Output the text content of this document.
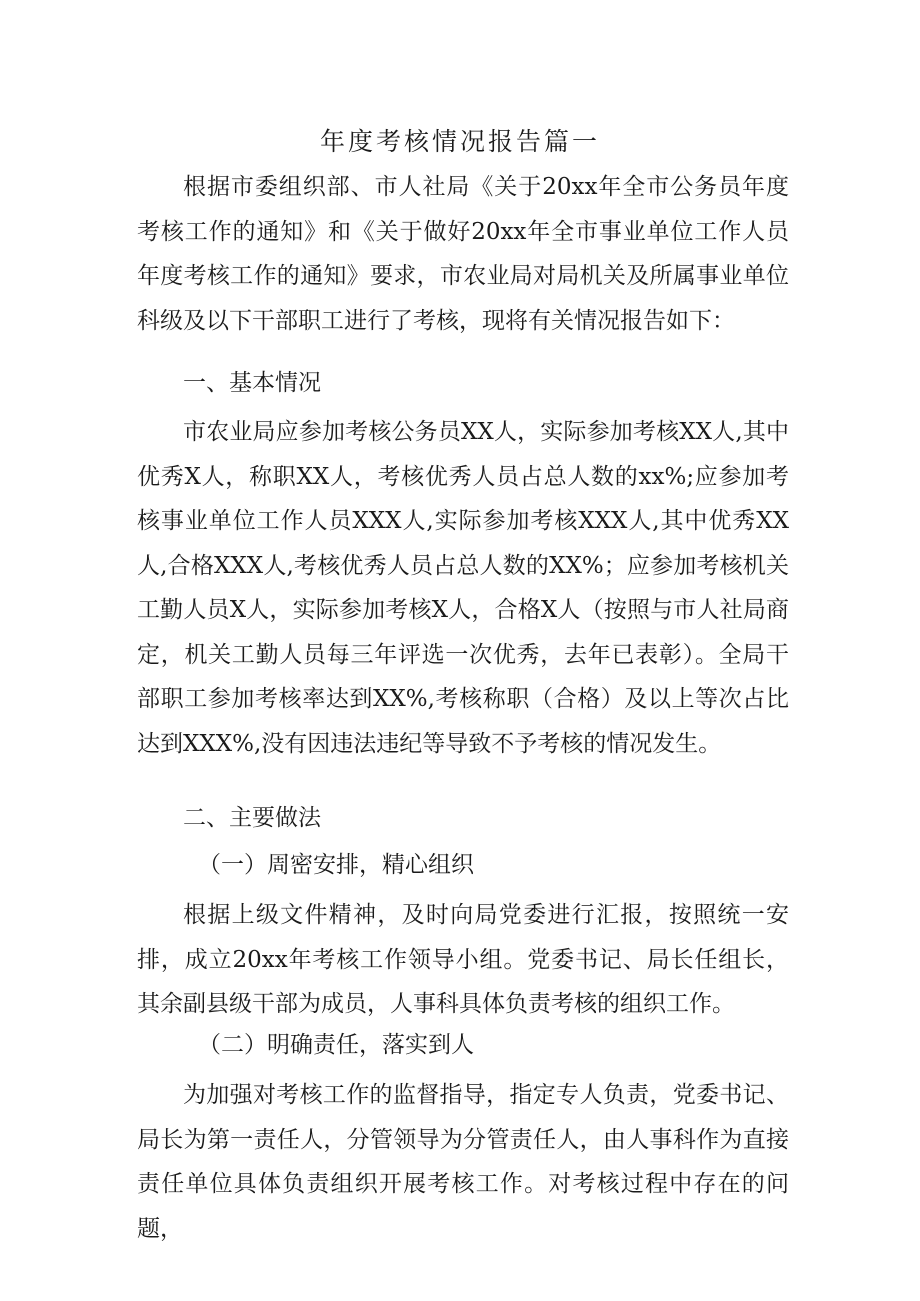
年度考核情况报告篇一
根据市委组织部、市人社局《关于20xx年全市公务员年度考核工作的通知》和《关于做好20xx年全市事业单位工作人员年度考核工作的通知》要求，市农业局对局机关及所属事业单位科级及以下干部职工进行了考核，现将有关情况报告如下：
一、基本情况
市农业局应参加考核公务员XX人，实际参加考核XX人,其中优秀X人，称职XX人，考核优秀人员占总人数的xx%;应参加考核事业单位工作人员XXX人,实际参加考核XXX人,其中优秀XX人,合格XXX人,考核优秀人员占总人数的XX%；应参加考核机关工勤人员X人，实际参加考核X人，合格X人（按照与市人社局商定，机关工勤人员每三年评选一次优秀，去年已表彰）。全局干部职工参加考核率达到XX%,考核称职（合格）及以上等次占比达到XXX%,没有因违法违纪等导致不予考核的情况发生。
二、主要做法
（一）周密安排，精心组织
根据上级文件精神，及时向局党委进行汇报，按照统一安排，成立20xx年考核工作领导小组。党委书记、局长任组长，其余副县级干部为成员，人事科具体负责考核的组织工作。
（二）明确责任，落实到人
为加强对考核工作的监督指导，指定专人负责，党委书记、局长为第一责任人，分管领导为分管责任人，由人事科作为直接责任单位具体负责组织开展考核工作。对考核过程中存在的问题，
